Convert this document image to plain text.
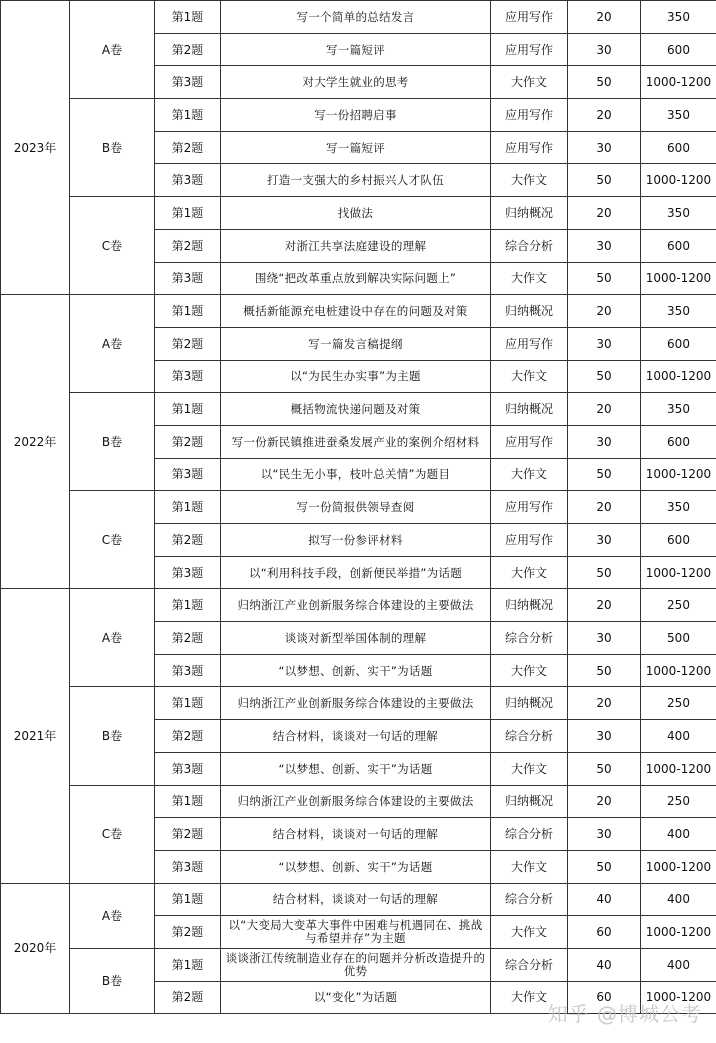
2023年	A卷	第1题	写一个简单的总结发言	应用写作	20	350
		第2题	写一篇短评	应用写作	30	600
		第3题	对大学生就业的思考	大作文	50	1000-1200
	B卷	第1题	写一份招聘启事	应用写作	20	350
		第2题	写一篇短评	应用写作	30	600
		第3题	打造一支强大的乡村振兴人才队伍	大作文	50	1000-1200
	C卷	第1题	找做法	归纳概况	20	350
		第2题	对浙江共享法庭建设的理解	综合分析	30	600
		第3题	围绕“把改革重点放到解决实际问题上”	大作文	50	1000-1200
2022年	A卷	第1题	概括新能源充电桩建设中存在的问题及对策	归纳概况	20	350
		第2题	写一篇发言稿提纲	应用写作	30	600
		第3题	以“为民生办实事”为主题	大作文	50	1000-1200
	B卷	第1题	概括物流快递问题及对策	归纳概况	20	350
		第2题	写一份新民镇推进蚕桑发展产业的案例介绍材料	应用写作	30	600
		第3题	以“民生无小事，枝叶总关情”为题目	大作文	50	1000-1200
	C卷	第1题	写一份简报供领导查阅	应用写作	20	350
		第2题	拟写一份参评材料	应用写作	30	600
		第3题	以“利用科技手段，创新便民举措”为话题	大作文	50	1000-1200
2021年	A卷	第1题	归纳浙江产业创新服务综合体建设的主要做法	归纳概况	20	250
		第2题	谈谈对新型举国体制的理解	综合分析	30	500
		第3题	“以梦想、创新、实干”为话题	大作文	50	1000-1200
	B卷	第1题	归纳浙江产业创新服务综合体建设的主要做法	归纳概况	20	250
		第2题	结合材料，谈谈对一句话的理解	综合分析	30	400
		第3题	“以梦想、创新、实干”为话题	大作文	50	1000-1200
	C卷	第1题	归纳浙江产业创新服务综合体建设的主要做法	归纳概况	20	250
		第2题	结合材料，谈谈对一句话的理解	综合分析	30	400
		第3题	“以梦想、创新、实干”为话题	大作文	50	1000-1200
2020年	A卷	第1题	结合材料，谈谈对一句话的理解	综合分析	40	400
		第2题	以“大变局大变革大事件中困难与机遇同在、挑战与希望并存”为主题	大作文	60	1000-1200
	B卷	第1题	谈谈浙江传统制造业存在的问题并分析改造提升的优势	综合分析	40	400
		第2题	以“变化”为话题	大作文	60	1000-1200
知乎 @博城公考
